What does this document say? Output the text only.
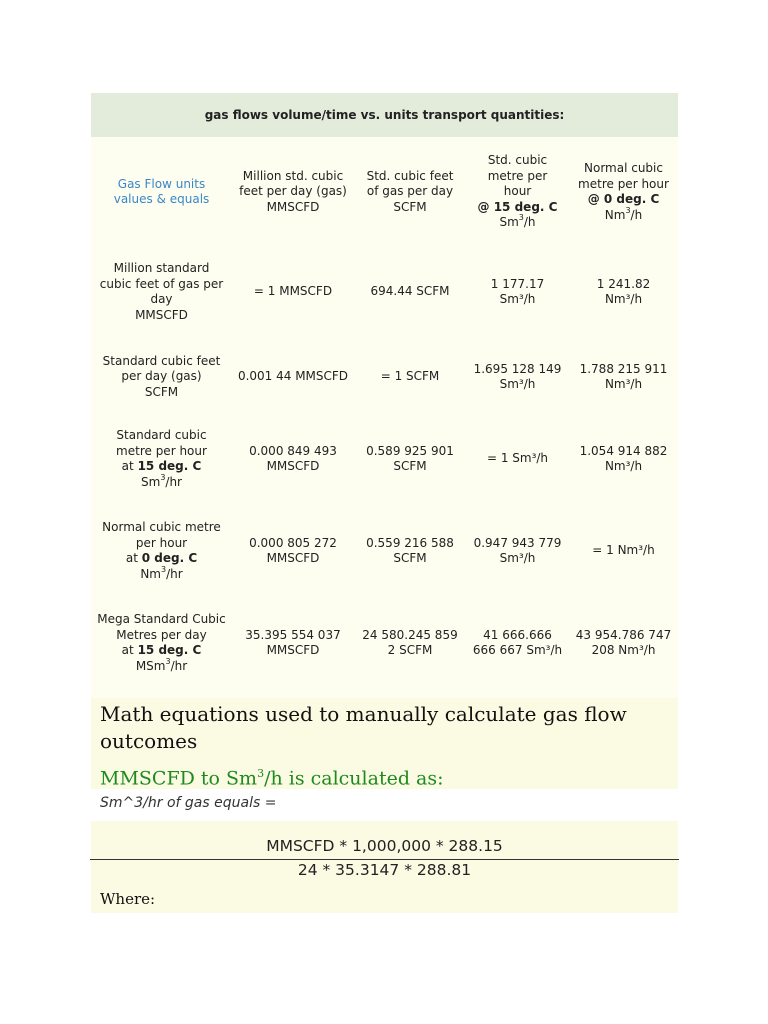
gas flows volume/time vs. units transport quantities:
Gas Flow units
values & equals
Million std. cubic
feet per day (gas)
MMSCFD
Std. cubic feet
of gas per day
SCFM
Std. cubic
metre per
hour
@ 15 deg. C
Sm$^3$/h
Normal cubic
metre per hour
@ 0 deg. C
Nm$^3$/h
Million standard
cubic feet of gas per
day
MMSCFD
= 1 MMSCFD	694.44 SCFM
1 177.17
Sm³/h
1 241.82
Nm³/h
Standard cubic feet
per day (gas)
SCFM
0.001 44 MMSCFD	= 1 SCFM
1.695 128 149
Sm³/h
1.788 215 911
Nm³/h
Standard cubic
metre per hour
at 15 deg. C
Sm$^3$/hr
0.000 849 493
MMSCFD
0.589 925 901
SCFM
= 1 Sm³/h
1.054 914 882
Nm³/h
Normal cubic metre
per hour
at 0 deg. C
Nm$^3$/hr
0.000 805 272
MMSCFD
0.559 216 588
SCFM
0.947 943 779
Sm³/h
= 1 Nm³/h
Mega Standard Cubic
Metres per day
at 15 deg. C
MSm$^3$/hr
35.395 554 037
MMSCFD
24 580.245 859
2 SCFM
41 666.666
666 667 Sm³/h
43 954.786 747
208 Nm³/h
Math equations used to manually calculate gas flow outcomes
MMSCFD to Sm$^3$/h is calculated as:
Sm^3/hr of gas equals =
MMSCFD * 1,000,000 * 288.15
24 * 35.3147 * 288.81
Where:
